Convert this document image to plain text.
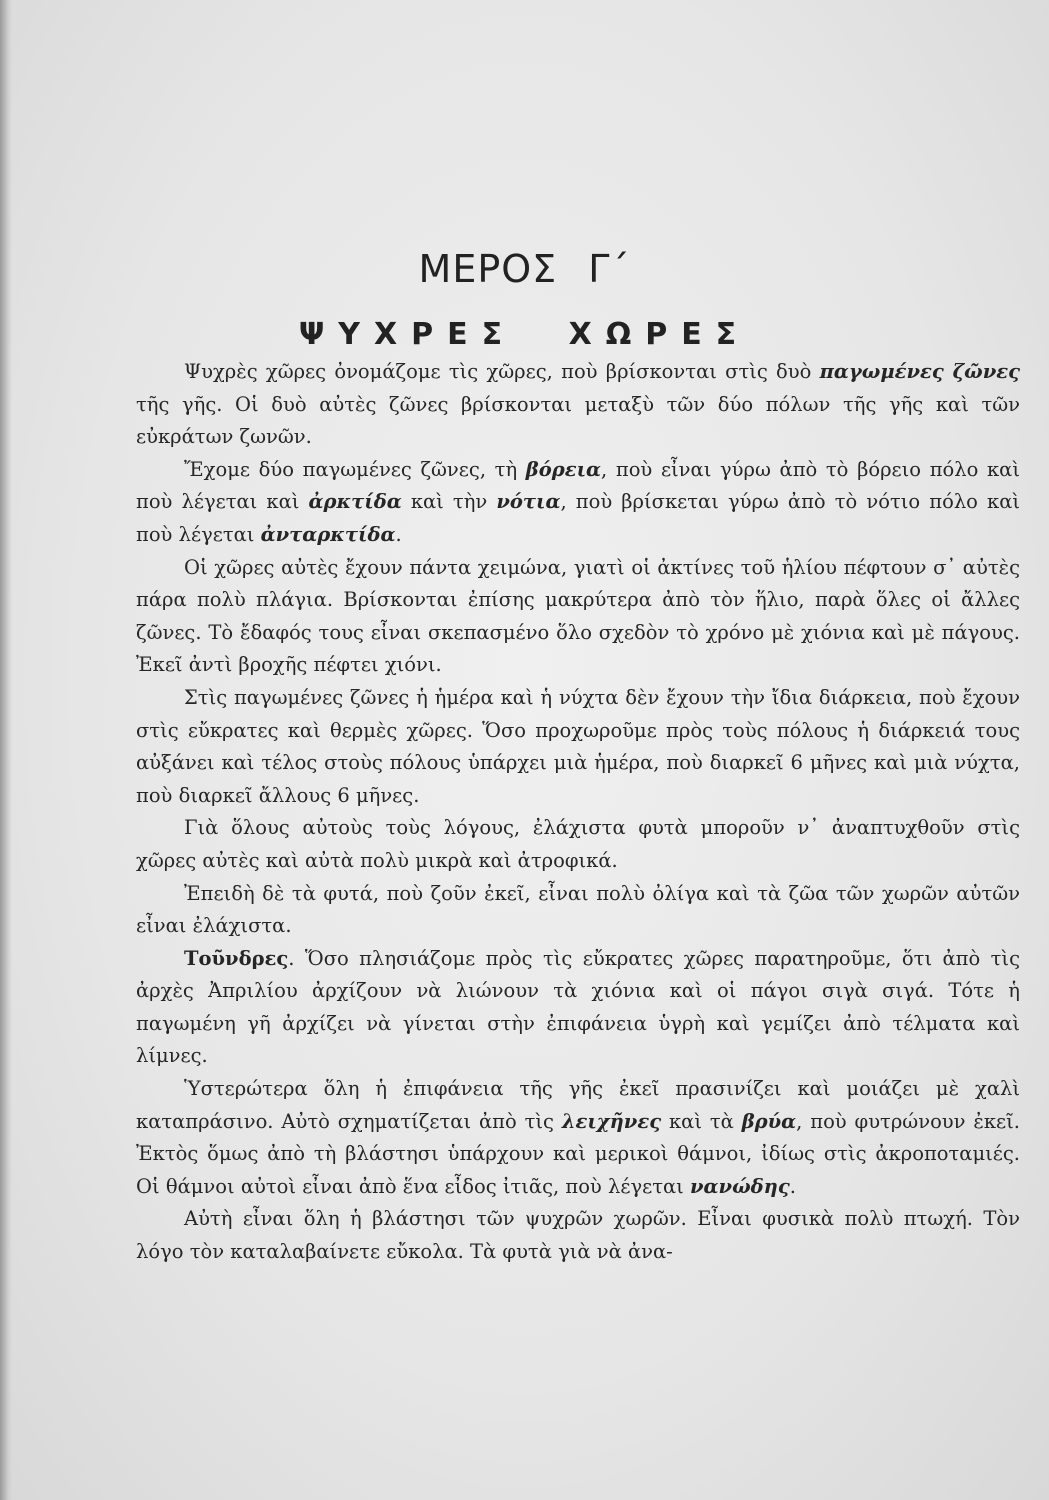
ΜΕΡΟΣ Γ΄
ΨΥΧΡΕΣ ΧΩΡΕΣ

Ψυχρὲς χῶρες ὀνομάζομε τὶς χῶρες, ποὺ βρίσκονται στὶς δυὸ παγωμένες ζῶνες τῆς γῆς. Οἱ δυὸ αὐτὲς ζῶνες βρίσκονται μεταξὺ τῶν δύο πόλων τῆς γῆς καὶ τῶν εὐκράτων ζωνῶν.

Ἔχομε δύο παγωμένες ζῶνες, τὴ βόρεια, ποὺ εἶναι γύρω ἀπὸ τὸ βόρειο πόλο καὶ ποὺ λέγεται καὶ ἀρκτίδα καὶ τὴν νότια, ποὺ βρίσκεται γύρω ἀπὸ τὸ νότιο πόλο καὶ ποὺ λέγεται ἀνταρκτίδα.

Οἱ χῶρες αὐτὲς ἔχουν πάντα χειμώνα, γιατὶ οἱ ἀκτίνες τοῦ ἡλίου πέφτουν σ᾽ αὐτὲς πάρα πολὺ πλάγια. Βρίσκονται ἐπίσης μακρύτερα ἀπὸ τὸν ἥλιο, παρὰ ὅλες οἱ ἄλλες ζῶνες. Τὸ ἔδαφός τους εἶναι σκεπασμένο ὅλο σχεδὸν τὸ χρόνο μὲ χιόνια καὶ μὲ πάγους. Ἐκεῖ ἀντὶ βροχῆς πέφτει χιόνι.

Στὶς παγωμένες ζῶνες ἡ ἡμέρα καὶ ἡ νύχτα δὲν ἔχουν τὴν ἴδια διάρκεια, ποὺ ἔχουν στὶς εὔκρατες καὶ θερμὲς χῶρες. Ὅσο προχωροῦμε πρὸς τοὺς πόλους ἡ διάρκειά τους αὐξάνει καὶ τέλος στοὺς πόλους ὑπάρχει μιὰ ἡμέρα, ποὺ διαρκεῖ 6 μῆνες καὶ μιὰ νύχτα, ποὺ διαρκεῖ ἄλλους 6 μῆνες.

Γιὰ ὅλους αὐτοὺς τοὺς λόγους, ἐλάχιστα φυτὰ μποροῦν ν᾽ ἀναπτυχθοῦν στὶς χῶρες αὐτὲς καὶ αὐτὰ πολὺ μικρὰ καὶ ἀτροφικά.

Ἐπειδὴ δὲ τὰ φυτά, ποὺ ζοῦν ἐκεῖ, εἶναι πολὺ ὀλίγα καὶ τὰ ζῶα τῶν χωρῶν αὐτῶν εἶναι ἐλάχιστα.

Τοῦνδρες. Ὅσο πλησιάζομε πρὸς τὶς εὔκρατες χῶρες παρατηροῦμε, ὅτι ἀπὸ τὶς ἀρχὲς Ἀπριλίου ἀρχίζουν νὰ λιώνουν τὰ χιόνια καὶ οἱ πάγοι σιγὰ σιγά. Τότε ἡ παγωμένη γῆ ἀρχίζει νὰ γίνεται στὴν ἐπιφάνεια ὑγρὴ καὶ γεμίζει ἀπὸ τέλματα καὶ λίμνες.

Ὑστερώτερα ὅλη ἡ ἐπιφάνεια τῆς γῆς ἐκεῖ πρασινίζει καὶ μοιάζει μὲ χαλὶ καταπράσινο. Αὐτὸ σχηματίζεται ἀπὸ τὶς λειχῆνες καὶ τὰ βρύα, ποὺ φυτρώνουν ἐκεῖ. Ἐκτὸς ὅμως ἀπὸ τὴ βλάστησι ὑπάρχουν καὶ μερικοὶ θάμνοι, ἰδίως στὶς ἀκροποταμιές. Οἱ θάμνοι αὐτοὶ εἶναι ἀπὸ ἕνα εἶδος ἰτιᾶς, ποὺ λέγεται νανώδης.

Αὐτὴ εἶναι ὅλη ἡ βλάστησι τῶν ψυχρῶν χωρῶν. Εἶναι φυσικὰ πολὺ πτωχή. Τὸν λόγο τὸν καταλαβαίνετε εὔκολα. Τὰ φυτὰ γιὰ νὰ ἀνα-
